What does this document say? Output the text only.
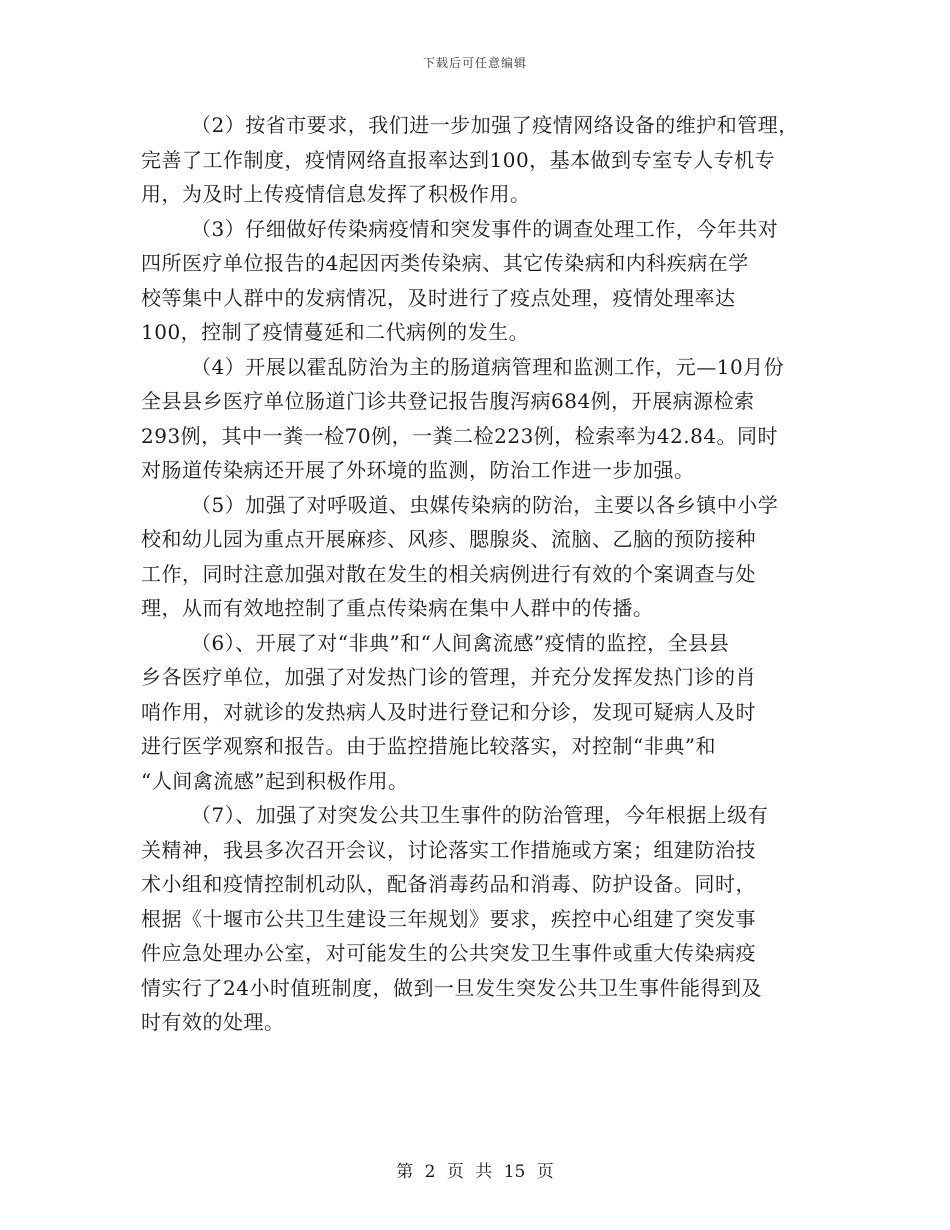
下载后可任意编辑

（2）按省市要求，我们进一步加强了疫情网络设备的维护和管理，
完善了工作制度，疫情网络直报率达到100，基本做到专室专人专机专
用，为及时上传疫情信息发挥了积极作用。

（3）仔细做好传染病疫情和突发事件的调查处理工作，今年共对
四所医疗单位报告的4起因丙类传染病、其它传染病和内科疾病在学
校等集中人群中的发病情况，及时进行了疫点处理，疫情处理率达
100，控制了疫情蔓延和二代病例的发生。

（4）开展以霍乱防治为主的肠道病管理和监测工作，元—10月份
全县县乡医疗单位肠道门诊共登记报告腹泻病684例，开展病源检索
293例，其中一粪一检70例，一粪二检223例，检索率为42.84。同时
对肠道传染病还开展了外环境的监测，防治工作进一步加强。

（5）加强了对呼吸道、虫媒传染病的防治，主要以各乡镇中小学
校和幼儿园为重点开展麻疹、风疹、腮腺炎、流脑、乙脑的预防接种
工作，同时注意加强对散在发生的相关病例进行有效的个案调查与处
理，从而有效地控制了重点传染病在集中人群中的传播。

（6）、开展了对“非典”和“人间禽流感”疫情的监控，全县县
乡各医疗单位，加强了对发热门诊的管理，并充分发挥发热门诊的肖
哨作用，对就诊的发热病人及时进行登记和分诊，发现可疑病人及时
进行医学观察和报告。由于监控措施比较落实，对控制“非典”和
“人间禽流感”起到积极作用。

（7）、加强了对突发公共卫生事件的防治管理，今年根据上级有
关精神，我县多次召开会议，讨论落实工作措施或方案；组建防治技
术小组和疫情控制机动队，配备消毒药品和消毒、防护设备。同时，
根据《十堰市公共卫生建设三年规划》要求，疾控中心组建了突发事
件应急处理办公室，对可能发生的公共突发卫生事件或重大传染病疫
情实行了24小时值班制度，做到一旦发生突发公共卫生事件能得到及
时有效的处理。

第 2 页 共 15 页
